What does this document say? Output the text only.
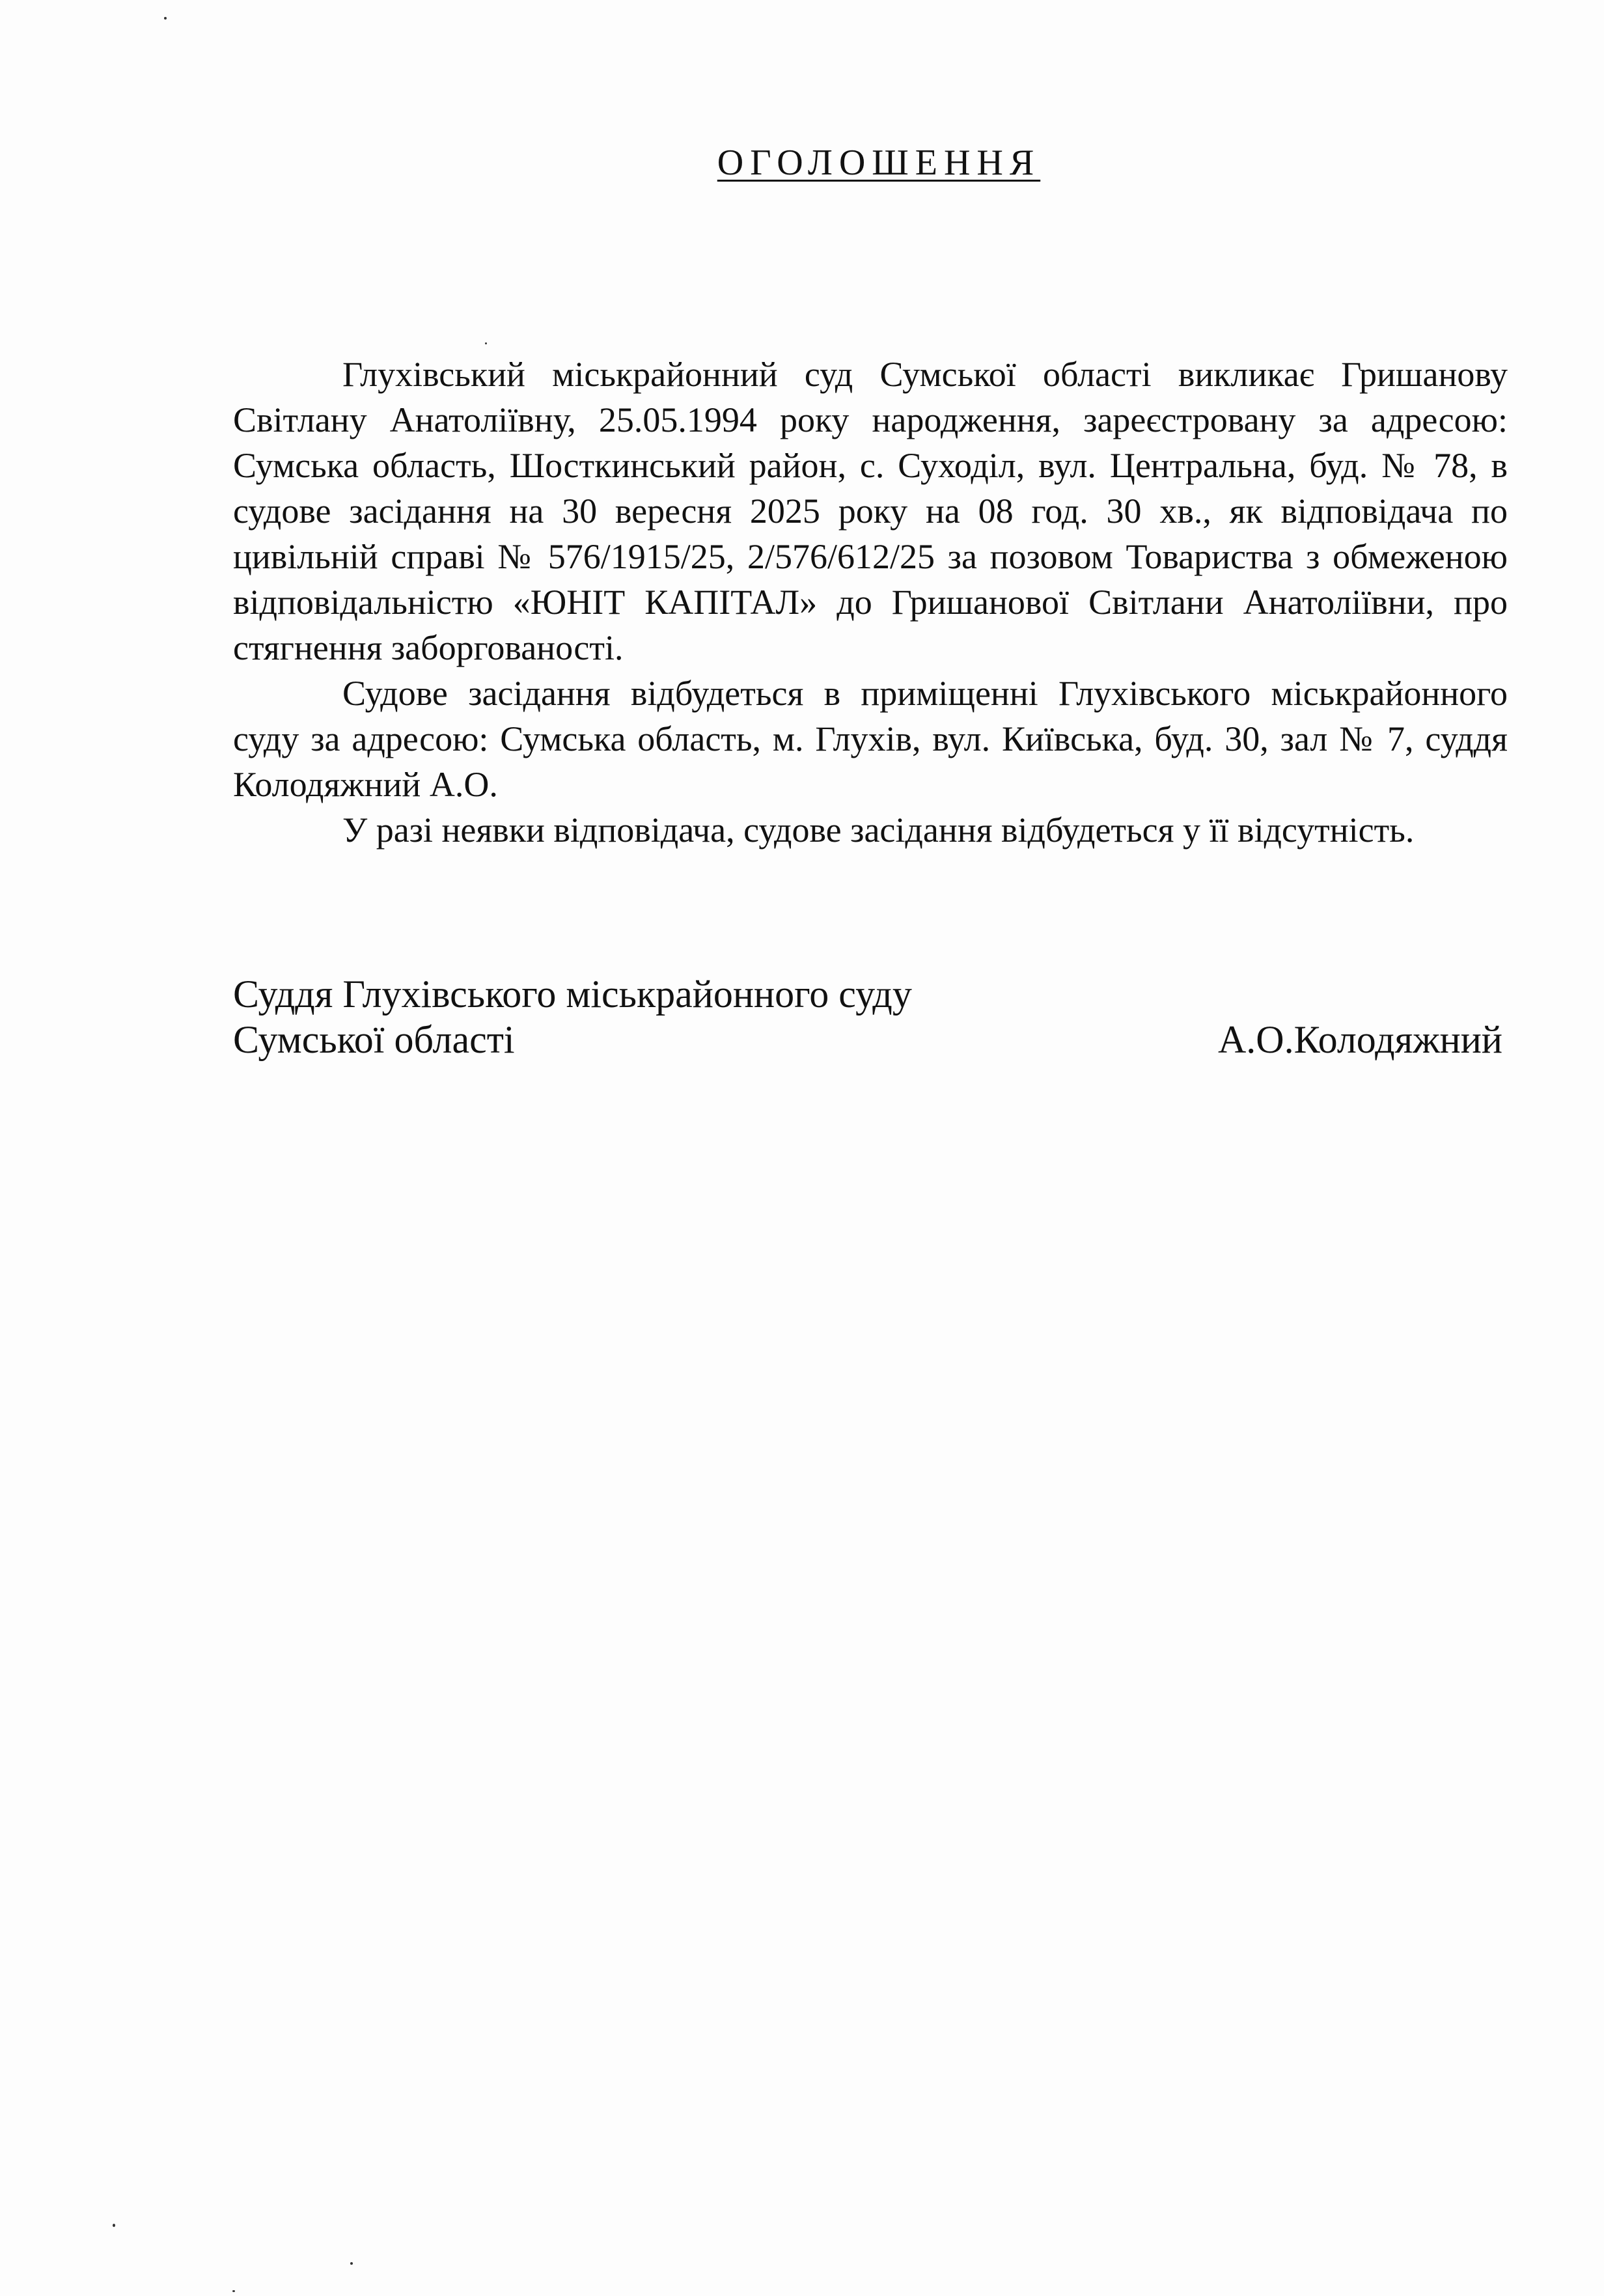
ОГОЛОШЕННЯ

Глухівський міськрайонний суд Сумської області викликає Гришанову Світлану Анатоліївну, 25.05.1994 року народження, зареєстровану за адресою: Сумська область, Шосткинський район, с. Суходіл, вул. Центральна, буд. № 78, в судове засідання на 30 вересня 2025 року на 08 год. 30 хв., як відповідача по цивільній справі № 576/1915/25, 2/576/612/25 за позовом Товариства з обмеженою відповідальністю «ЮНІТ КАПІТАЛ» до Гришанової Світлани Анатоліївни, про стягнення заборгованості.

Судове засідання відбудеться в приміщенні Глухівського міськрайонного суду за адресою: Сумська область, м. Глухів, вул. Київська, буд. 30, зал № 7, суддя Колодяжний А.О.

У разі неявки відповідача, судове засідання відбудеться у її відсутність.

Суддя Глухівського міськрайонного суду
Сумської області	А.О.Колодяжний
